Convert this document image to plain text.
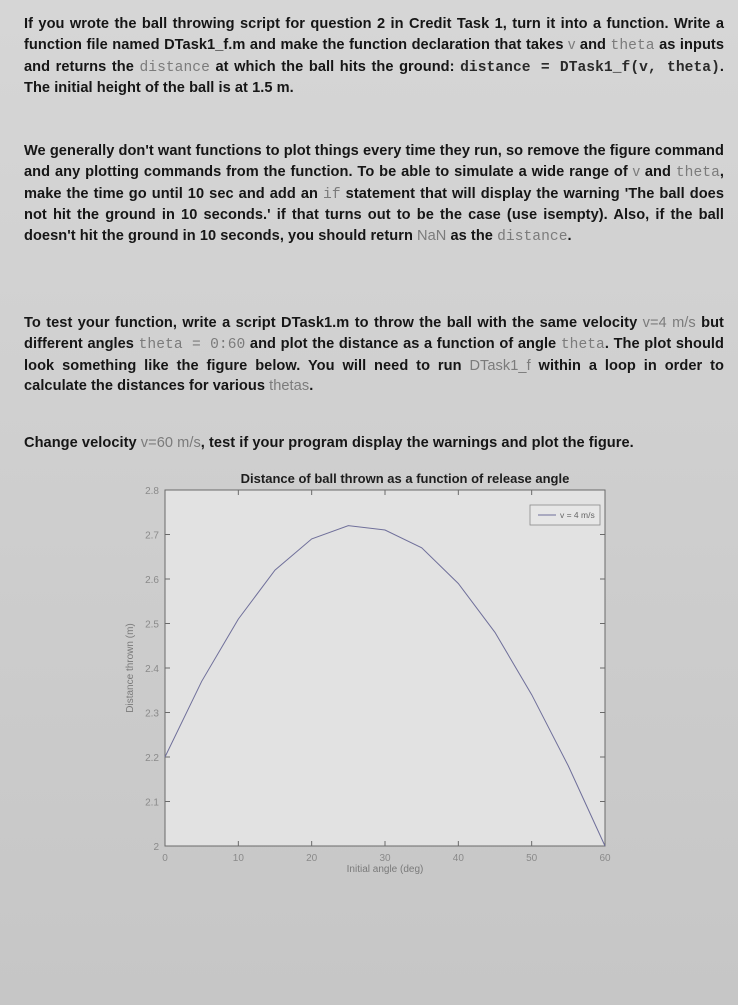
If you wrote the ball throwing script for question 2 in Credit Task 1, turn it into a function. Write a function file named DTask1_f.m and make the function declaration that takes v and theta as inputs and returns the distance at which the ball hits the ground: distance = DTask1_f(v, theta). The initial height of the ball is at 1.5 m.

We generally don't want functions to plot things every time they run, so remove the figure command and any plotting commands from the function. To be able to simulate a wide range of v and theta, make the time go until 10 sec and add an if statement that will display the warning 'The ball does not hit the ground in 10 seconds.' if that turns out to be the case (use isempty). Also, if the ball doesn't hit the ground in 10 seconds, you should return NaN as the distance.

To test your function, write a script DTask1.m to throw the ball with the same velocity v=4 m/s but different angles theta = 0:60 and plot the distance as a function of angle theta. The plot should look something like the figure below. You will need to run DTask1_f within a loop in order to calculate the distances for various thetas.

Change velocity v=60 m/s, test if your program display the warnings and plot the figure.

Distance of ball thrown as a function of release angle
Initial angle (deg)
Distance thrown (m)
0	10	20	30	40	50	60
2
2.1
2.2
2.3
2.4
2.5
2.6
2.7
2.8
v = 4 m/s
